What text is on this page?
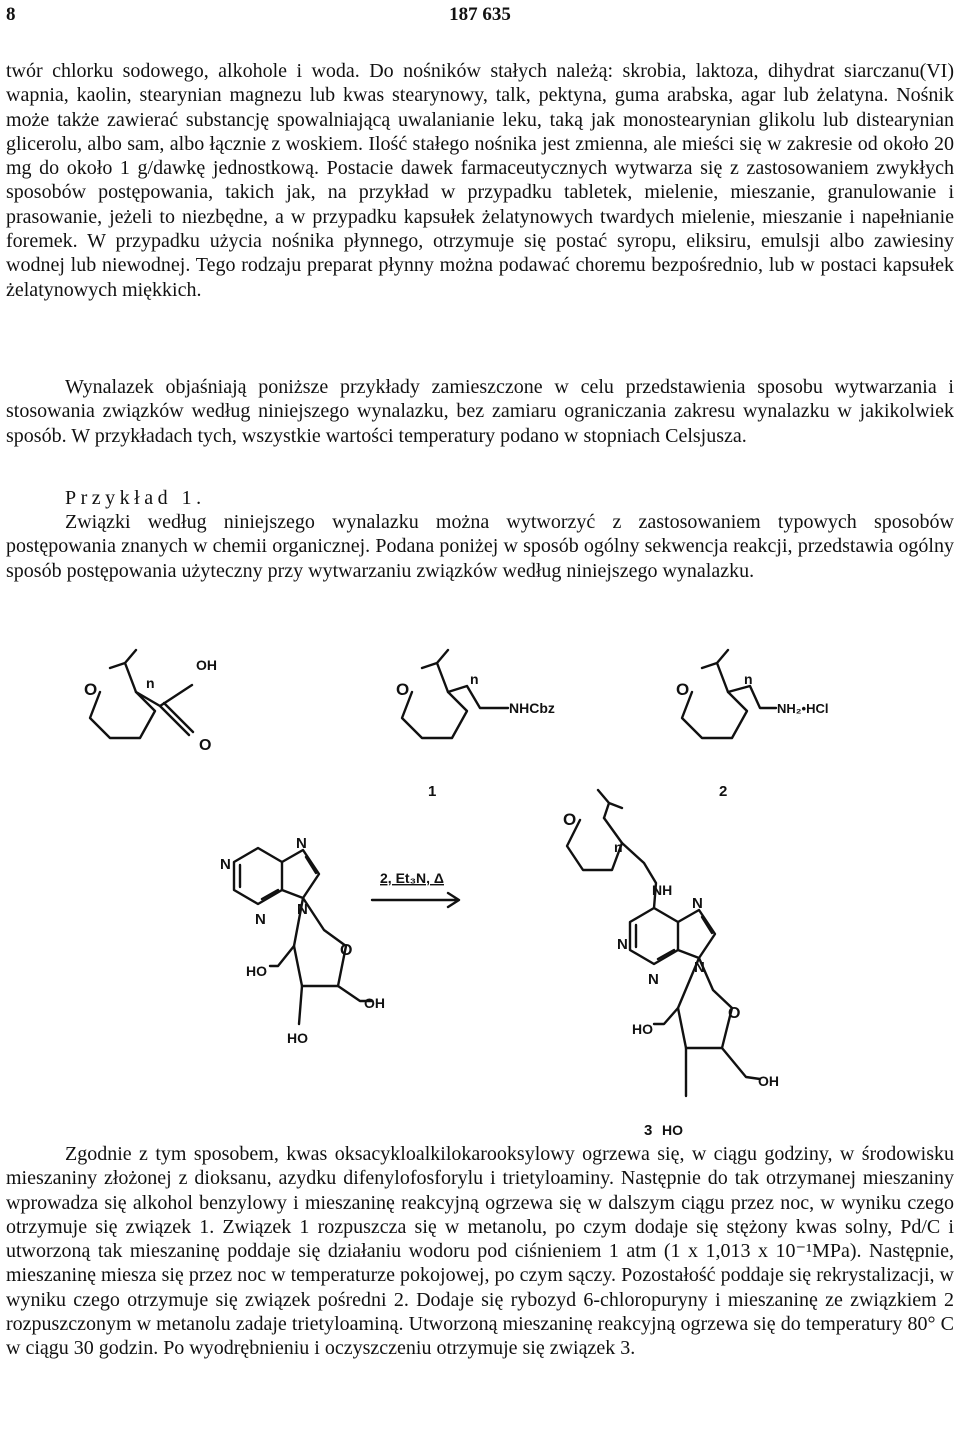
8	187 635

twór chlorku sodowego, alkohole i woda. Do nośników stałych należą: skrobia, laktoza, dihydrat siarczanu(VI) wapnia, kaolin, stearynian magnezu lub kwas stearynowy, talk, pektyna, guma arabska, agar lub żelatyna. Nośnik może także zawierać substancję spowalniającą uwalanianie leku, taką jak monostearynian glikolu lub distearynian glicerolu, albo sam, albo łącznie z woskiem. Ilość stałego nośnika jest zmienna, ale mieści się w zakresie od około 20 mg do około 1 g/dawkę jednostkową. Postacie dawek farmaceutycznych wytwarza się z zastosowaniem zwykłych sposobów postępowania, takich jak, na przykład w przypadku tabletek, mielenie, mieszanie, granulowanie i prasowanie, jeżeli to niezbędne, a w przypadku kapsułek żelatynowych twardych mielenie, mieszanie i napełnianie foremek. W przypadku użycia nośnika płynnego, otrzymuje się postać syropu, eliksiru, emulsji albo zawiesiny wodnej lub niewodnej. Tego rodzaju preparat płynny można podawać choremu bezpośrednio, lub w postaci kapsułek żelatynowych miękkich.

Wynalazek objaśniają poniższe przykłady zamieszczone w celu przedstawienia sposobu wytwarzania i stosowania związków według niniejszego wynalazku, bez zamiaru ograniczania zakresu wynalazku w jakikolwiek sposób. W przykładach tych, wszystkie wartości temperatury podano w stopniach Celsjusza.

Przykład 1.

Związki według niniejszego wynalazku można wytworzyć z zastosowaniem typowych sposobów postępowania znanych w chemii organicznej. Podana poniżej w sposób ogólny sekwencja reakcji, przedstawia ogólny sposób postępowania użyteczny przy wytwarzaniu związków według niniejszego wynalazku.

O	n
OH
O
O
n
NHCbz
O
n
NH₂•HCl
1	2
N
N
N
N
O
HO
OH
HO
2, Et₃N, Δ
O
n
NH
N
N
N
N
O
HO
OH
3 HO

Zgodnie z tym sposobem, kwas oksacykloalkilokarooksylowy ogrzewa się, w ciągu godziny, w środowisku mieszaniny złożonej z dioksanu, azydku difenylofosforylu i trietyloaminy. Następnie do tak otrzymanej mieszaniny wprowadza się alkohol benzylowy i mieszaninę reakcyjną ogrzewa się w dalszym ciągu przez noc, w wyniku czego otrzymuje się związek 1. Związek 1 rozpuszcza się w metanolu, po czym dodaje się stężony kwas solny, Pd/C i utworzoną tak mieszaninę poddaje się działaniu wodoru pod ciśnieniem 1 atm (1 x 1,013 x 10⁻¹MPa). Następnie, mieszaninę miesza się przez noc w temperaturze pokojowej, po czym sączy. Pozostałość poddaje się rekrystalizacji, w wyniku czego otrzymuje się związek pośredni 2. Dodaje się rybozyd 6-chloropuryny i mieszaninę ze związkiem 2 rozpuszczonym w metanolu zadaje trietyloaminą. Utworzoną mieszaninę reakcyjną ogrzewa się do temperatury 80° C w ciągu 30 godzin. Po wyodrębnieniu i oczyszczeniu otrzymuje się związek 3.
